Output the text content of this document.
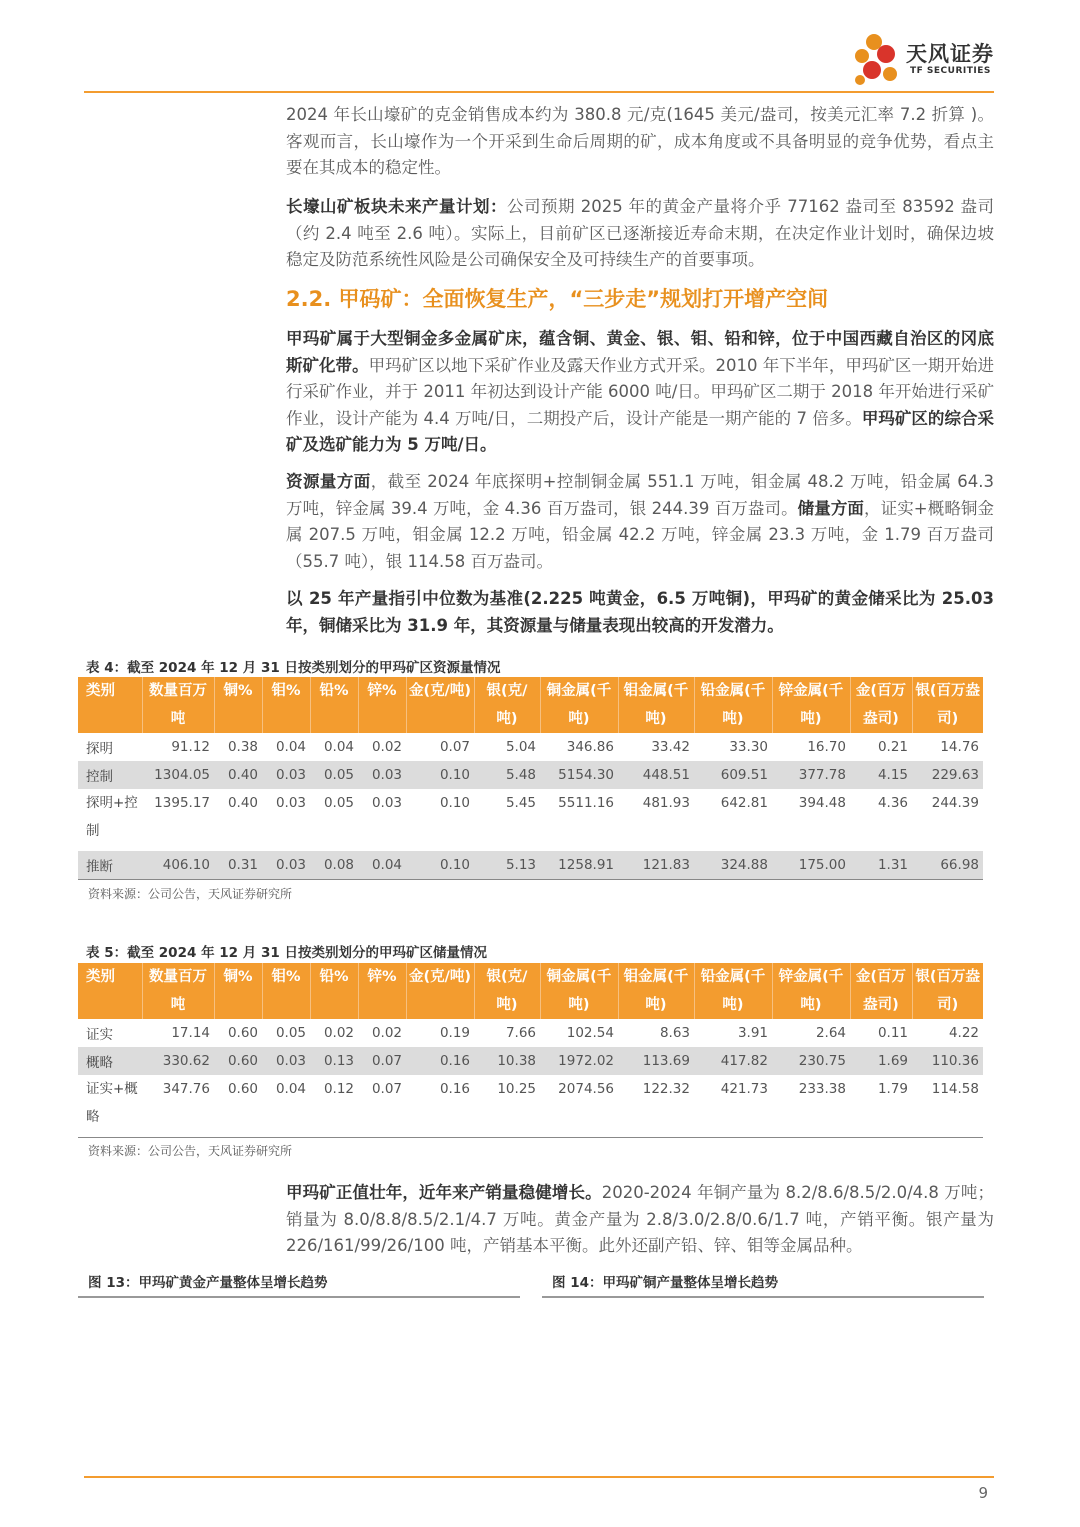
天风证券
TF SECURITIES
2024 年长山壕矿的克金销售成本约为 380.8 元/克(1645 美元/盎司，按美元汇率 7.2 折算 )。客观而言，长山壕作为一个开采到生命后周期的矿，成本角度或不具备明显的竞争优势，看点主要在其成本的稳定性。
长壕山矿板块未来产量计划：公司预期 2025 年的黄金产量将介乎 77162 盎司至 83592 盎司（约 2.4 吨至 2.6 吨）。实际上，目前矿区已逐渐接近寿命末期，在决定作业计划时，确保边坡稳定及防范系统性风险是公司确保安全及可持续生产的首要事项。
2.2. 甲码矿：全面恢复生产，“三步走”规划打开增产空间
甲玛矿属于大型铜金多金属矿床，蕴含铜、黄金、银、钼、铅和锌，位于中国西藏自治区的冈底斯矿化带。甲玛矿区以地下采矿作业及露天作业方式开采。2010 年下半年，甲玛矿区一期开始进行采矿作业，并于 2011 年初达到设计产能 6000 吨/日。甲玛矿区二期于 2018 年开始进行采矿作业，设计产能为 4.4 万吨/日，二期投产后，设计产能是一期产能的 7 倍多。甲玛矿区的综合采矿及选矿能力为 5 万吨/日。
资源量方面，截至 2024 年底探明+控制铜金属 551.1 万吨，钼金属 48.2 万吨，铅金属 64.3 万吨，锌金属 39.4 万吨，金 4.36 百万盎司，银 244.39 百万盎司。储量方面，证实+概略铜金属 207.5 万吨，钼金属 12.2 万吨，铅金属 42.2 万吨，锌金属 23.3 万吨，金 1.79 百万盎司（55.7 吨），银 114.58 百万盎司。
以 25 年产量指引中位数为基准(2.225 吨黄金，6.5 万吨铜)，甲玛矿的黄金储采比为 25.03 年，铜储采比为 31.9 年，其资源量与储量表现出较高的开发潜力。
表 4：截至 2024 年 12 月 31 日按类别划分的甲玛矿区资源量情况
类别	数量百万吨	铜%	钼%	铅%	锌%	金(克/吨)	银(克/吨)	铜金属(千吨)	钼金属(千吨)	铅金属(千吨)	锌金属(千吨)	金(百万盎司)	银(百万盎司)
探明	91.12	0.38	0.04	0.04	0.02	0.07	5.04	346.86	33.42	33.30	16.70	0.21	14.76
控制	1304.05	0.40	0.03	0.05	0.03	0.10	5.48	5154.30	448.51	609.51	377.78	4.15	229.63
探明+控制	1395.17	0.40	0.03	0.05	0.03	0.10	5.45	5511.16	481.93	642.81	394.48	4.36	244.39
推断	406.10	0.31	0.03	0.08	0.04	0.10	5.13	1258.91	121.83	324.88	175.00	1.31	66.98
资料来源：公司公告，天风证券研究所
表 5：截至 2024 年 12 月 31 日按类别划分的甲玛矿区储量情况
类别	数量百万吨	铜%	钼%	铅%	锌%	金(克/吨)	银(克/吨)	铜金属(千吨)	钼金属(千吨)	铅金属(千吨)	锌金属(千吨)	金(百万盎司)	银(百万盎司)
证实	17.14	0.60	0.05	0.02	0.02	0.19	7.66	102.54	8.63	3.91	2.64	0.11	4.22
概略	330.62	0.60	0.03	0.13	0.07	0.16	10.38	1972.02	113.69	417.82	230.75	1.69	110.36
证实+概略	347.76	0.60	0.04	0.12	0.07	0.16	10.25	2074.56	122.32	421.73	233.38	1.79	114.58
资料来源：公司公告，天风证券研究所
甲玛矿正值壮年，近年来产销量稳健增长。2020-2024 年铜产量为 8.2/8.6/8.5/2.0/4.8 万吨；销量为 8.0/8.8/8.5/2.1/4.7 万吨。黄金产量为 2.8/3.0/2.8/0.6/1.7 吨，产销平衡。银产量为 226/161/99/26/100 吨，产销基本平衡。此外还副产铅、锌、钼等金属品种。
图 13：甲玛矿黄金产量整体呈增长趋势	图 14：甲玛矿铜产量整体呈增长趋势
9
